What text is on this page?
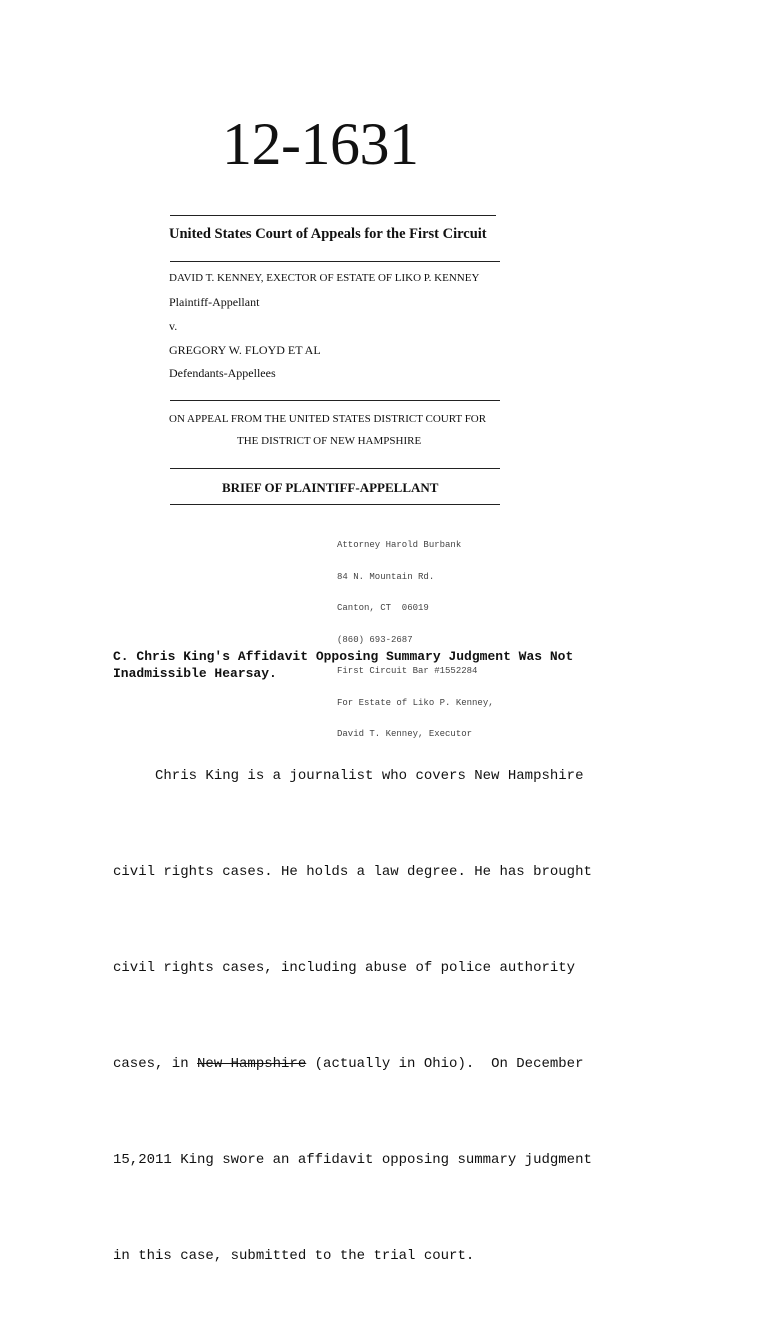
12-1631
United States Court of Appeals for the First Circuit
DAVID T. KENNEY, EXECTOR OF ESTATE OF LIKO P. KENNEY
Plaintiff-Appellant
v.
GREGORY W. FLOYD ET AL
Defendants-Appellees
ON APPEAL FROM THE UNITED STATES DISTRICT COURT FOR
THE DISTRICT OF NEW HAMPSHIRE
BRIEF OF PLAINTIFF-APPELLANT

Attorney Harold Burbank

84 N. Mountain Rd.

Canton, CT  06019

(860) 693-2687

First Circuit Bar #1552284

For Estate of Liko P. Kenney,

David T. Kenney, Executor

C. Chris King's Affidavit Opposing Summary Judgment Was Not Inadmissible Hearsay.

Chris King is a journalist who covers New Hampshire

civil rights cases. He holds a law degree. He has brought

civil rights cases, including abuse of police authority

cases, in New Hampshire (actually in Ohio).  On December

15,2011 King swore an affidavit opposing summary judgment

in this case, submitted to the trial court.
